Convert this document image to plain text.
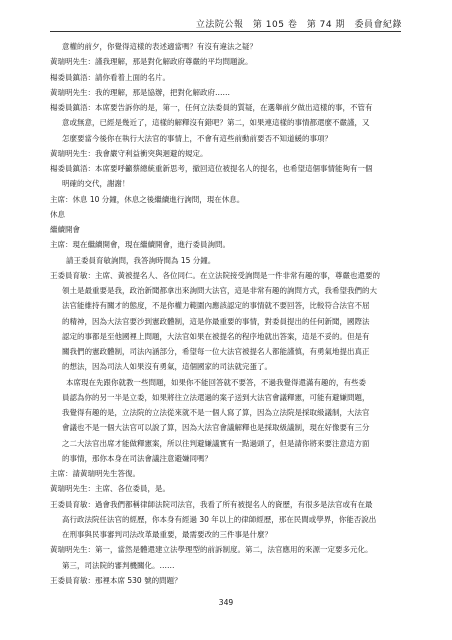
立法院公報　第 105 卷　第 74 期　委員會紀錄

意權的前夕，你覺得這樣的表述適當嗎？有沒有違法之疑？

黃瑞明先生：謹我理解，那是對化解政府尊嚴的平均問題說。

楊委員鎮浯：請你看着上面的名片。

黃瑞明先生：我的理解，那是協辦，把對化解政府……

楊委員鎮浯：本席要告訴你的是，第一，任何立法委員的質疑，在選舉前夕做出這樣的事，不管有

意或無意，已經是幾近了，這樣的解釋沒有錯吧？第二，如果連這樣的事情都還麼不嚴謹，又

怎麼要當今後你在執行大法官的事情上，不會有這些前動前要否不知道緩的事項？

黃瑞明先生：我會嚴守利益衝突與迴避的規定。

楊委員鎮浯：本席要呼籲蔡總統重新思考，撤回這位被提名人的提名，也希望這個事情能夠有一個

明確的交代，謝謝！

主席：休息 10 分鐘，休息之後繼續進行詢問，現在休息。

休息

繼續開會

主席：現在繼續開會，現在繼續開會，進行委員詢問。

請王委員育敏詢問，我答詢時間為 15 分鐘。

王委員育敏：主席、黃被提名人、各位同仁。在立法院接受詢問是一件非常有趣的事，尊嚴也還要的

領土是最重要是我，政治新聞都拿出來詢問大法官，這是非常有趣的詢問方式，我希望我們的大

法官能維持有關才的態度，不是你權力範圍內應該認定的事情就不要回答，比較符合法官不屈

的精神，因為大法官要沙到憲政體制，這是你最重要的事情，對委員提出的任何新聞，國際法

認定的事都是至他國裡上問題，大法官如果在被提名的程序地就出答案，這是不妥的。但是有

關我們的憲政體制，司法內涵部分，希望每一位大法官被提名人都能謹慎，有勇氣地提出真正

的想法，因為司法人如果沒有勇氣，這個國家的司法就完蛋了。

本席現在先跟你就教一些問題，如果你不能回答就不要答，不過我覺得還滿有趣的，有些委

員認為你的另一半是立委，如果將往立法還過的案子送到大法官會議釋憲，可能有避嫌問題，

我覺得有趣的是，立法院的立法從來就不是一個人寫了算，因為立法院是採取級議制，大法官

會議也不是一個大法官可以說了算，因為大法官會議解釋也是採取級議制，現在好像要有三分

之二大法官出席才能做釋憲案，所以往判避嫌議實有一點過頭了，但是請你將來要注意這方面

的事情，那你本身在司法會議注意避嫌同嗎？

主席：請黃瑞明先生答復。

黃瑞明先生：主席、各位委員，是。

王委員育敏：過會我們都稱律師法院司法官，我看了所有被提名人的資歷，有很多是法官或有在最

高行政法院任法官的經歷，你本身有經過 30 年以上的律師經歷，那在民間或學界，你能否說出

在刑事與民事審判司法改革最重要，最需要改的三件事是什麼？

黃瑞明先生：第一，當然是體還建立法學理型的前訴制度。第二，法官應用的來源一定要多元化。

第三，司法院的審判機關化。……

王委員育敏：那裡本席 530 號的問題？

349
